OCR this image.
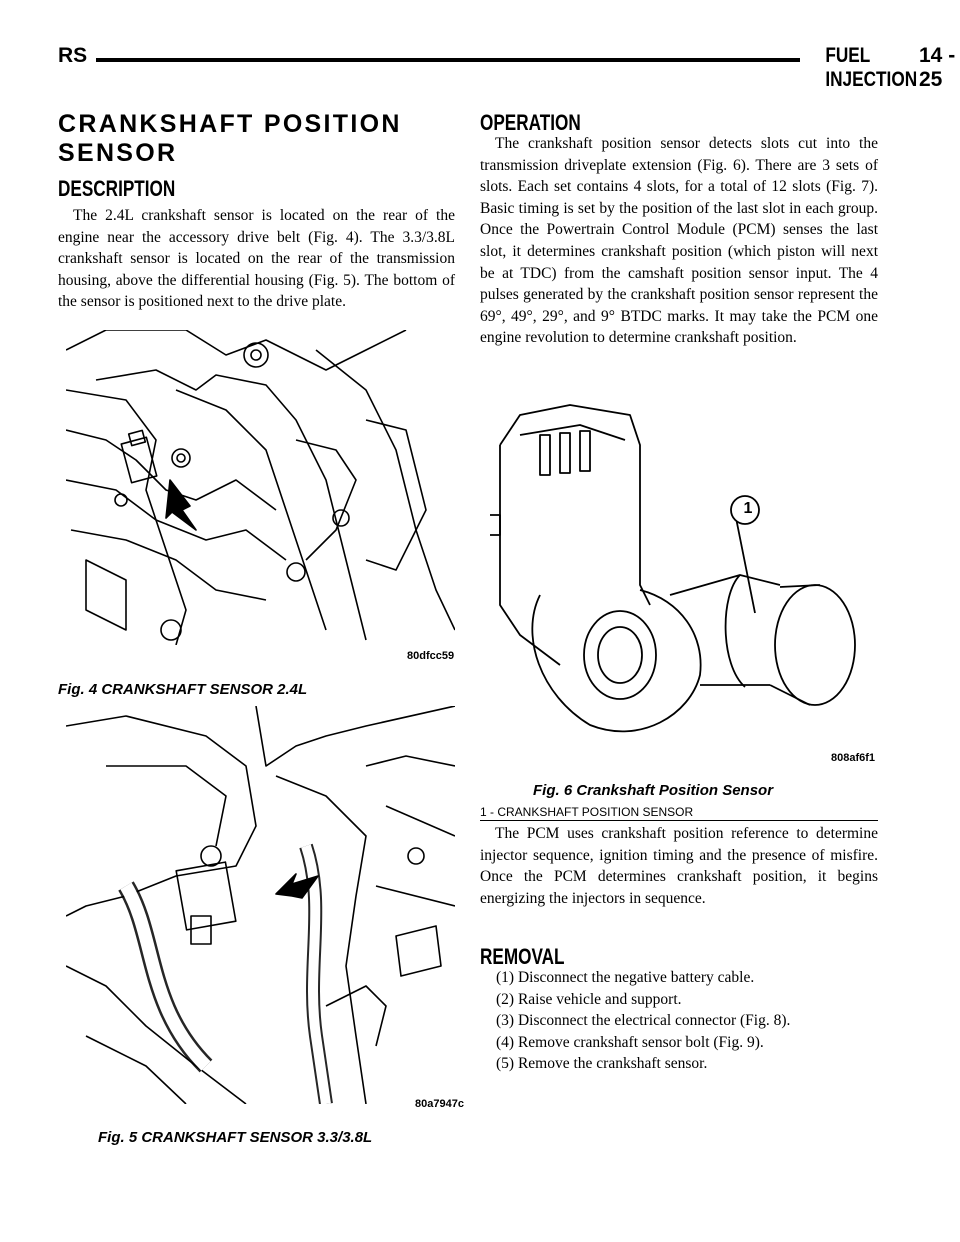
RS	FUEL INJECTION
14 - 25
CRANKSHAFT POSITION SENSOR
DESCRIPTION

The 2.4L crankshaft sensor is located on the rear of the engine near the accessory drive belt (Fig. 4). The 3.3/3.8L crankshaft sensor is located on the rear of the transmission housing, above the differential housing (Fig. 5). The bottom of the sensor is positioned next to the drive plate.

80dfcc59
Fig. 4 CRANKSHAFT SENSOR 2.4L
80a7947c
Fig. 5 CRANKSHAFT SENSOR 3.3/3.8L
OPERATION

The crankshaft position sensor detects slots cut into the transmission driveplate extension (Fig. 6). There are 3 sets of slots. Each set contains 4 slots, for a total of 12 slots (Fig. 7). Basic timing is set by the position of the last slot in each group. Once the Powertrain Control Module (PCM) senses the last slot, it determines crankshaft position (which piston will next be at TDC) from the camshaft position sensor input. The 4 pulses generated by the crankshaft position sensor represent the 69°, 49°, 29°, and 9° BTDC marks. It may take the PCM one engine revolution to determine crankshaft position.

1
808af6f1
Fig. 6 Crankshaft Position Sensor
1 - CRANKSHAFT POSITION SENSOR

The PCM uses crankshaft position reference to determine injector sequence, ignition timing and the presence of misfire. Once the PCM determines crankshaft position, it begins energizing the injectors in sequence.

REMOVAL
(1) Disconnect the negative battery cable.
(2) Raise vehicle and support.
(3) Disconnect the electrical connector (Fig. 8).
(4) Remove crankshaft sensor bolt (Fig. 9).
(5) Remove the crankshaft sensor.
